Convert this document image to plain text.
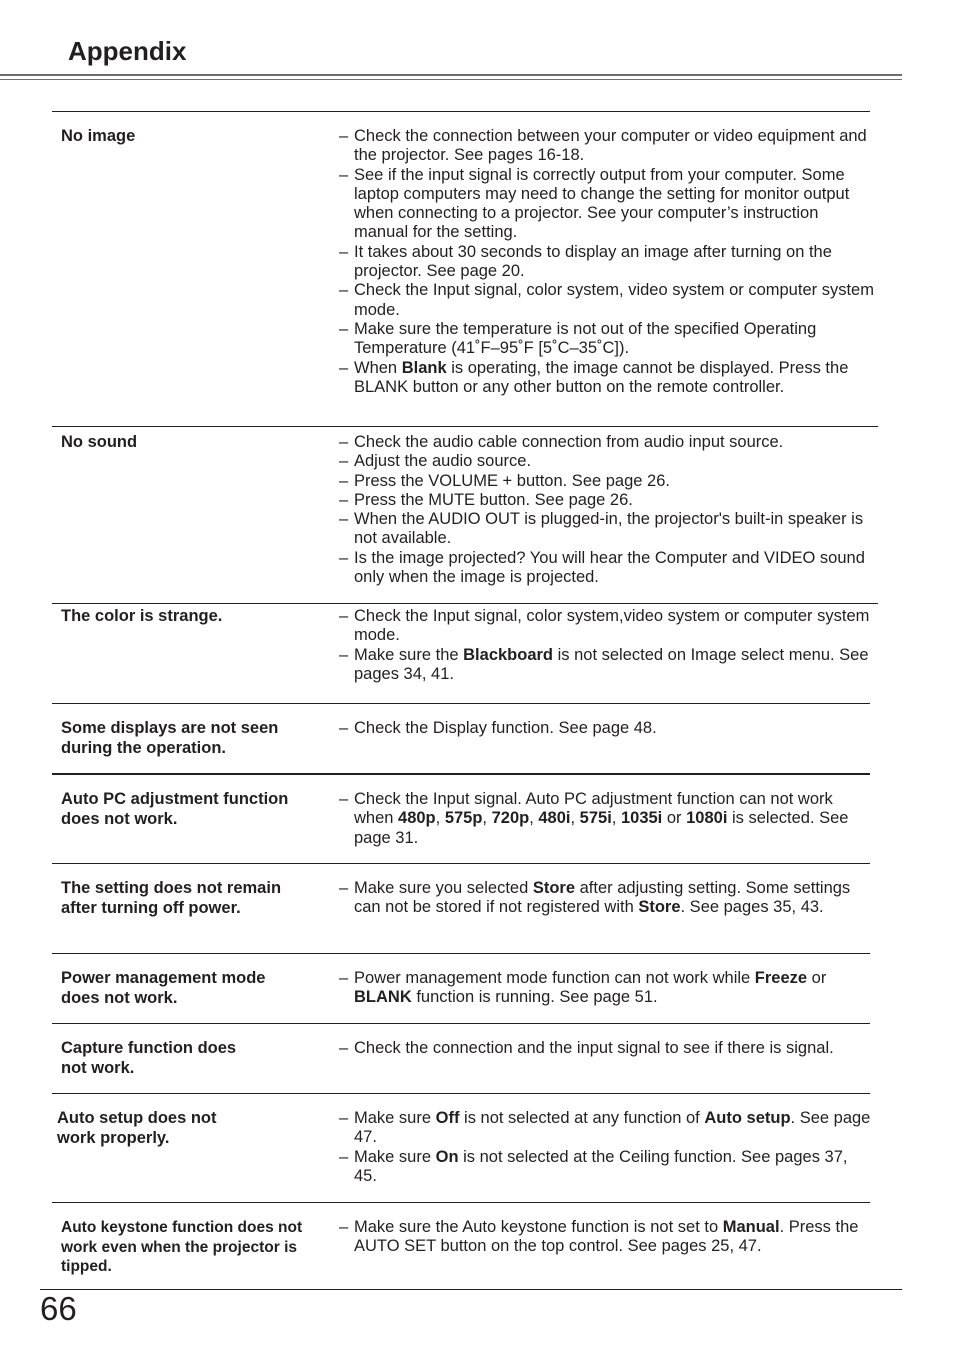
Appendix
No image
No sound
The color is strange.
Some displays are not seen
during the operation.
Auto PC adjustment function
does not work.
The setting does not remain
after turning off power.
Power management mode
does not work.
Capture function does
not work.
Auto setup does not
work properly.
Auto keystone function does not
work even when the projector is
tipped.
– Check the connection between your computer or video equipment and the projector. See pages 16-18.
– See if the input signal is correctly output from your computer. Some laptop computers may need to change the setting for monitor output when connecting to a projector. See your computer’s instruction manual for the setting.
– It takes about 30 seconds to display an image after turning on the projector. See page 20.
– Check the Input signal, color system, video system or computer system mode.
– Make sure the temperature is not out of the specified Operating Temperature (41˚F–95˚F [5˚C–35˚C]).
– When Blank is operating, the image cannot be displayed. Press the BLANK button or any other button on the remote controller.
– Check the audio cable connection from audio input source.
– Adjust the audio source.
– Press the VOLUME + button. See page 26.
– Press the MUTE button. See page 26.
– When the AUDIO OUT is plugged-in, the projector's built-in speaker is not available.
– Is the image projected? You will hear the Computer and VIDEO sound only when the image is projected.
– Check the Input signal, color system,video system or computer system mode.
– Make sure the Blackboard is not selected on Image select menu. See pages 34, 41.
– Check the Display function. See page 48.
– Check the Input signal. Auto PC adjustment function can not work when 480p, 575p, 720p, 480i, 575i, 1035i or 1080i is selected. See page 31.
– Make sure you selected Store after adjusting setting. Some settings can not be stored if not registered with Store. See pages 35, 43.
– Power management mode function can not work while Freeze or BLANK function is running. See page 51.
– Check the connection and the input signal to see if there is signal.
– Make sure Off is not selected at any function of Auto setup. See page 47.
– Make sure On is not selected at the Ceiling function. See pages 37, 45.
– Make sure the Auto keystone function is not set to Manual. Press the AUTO SET button on the top control. See pages 25, 47.
66
